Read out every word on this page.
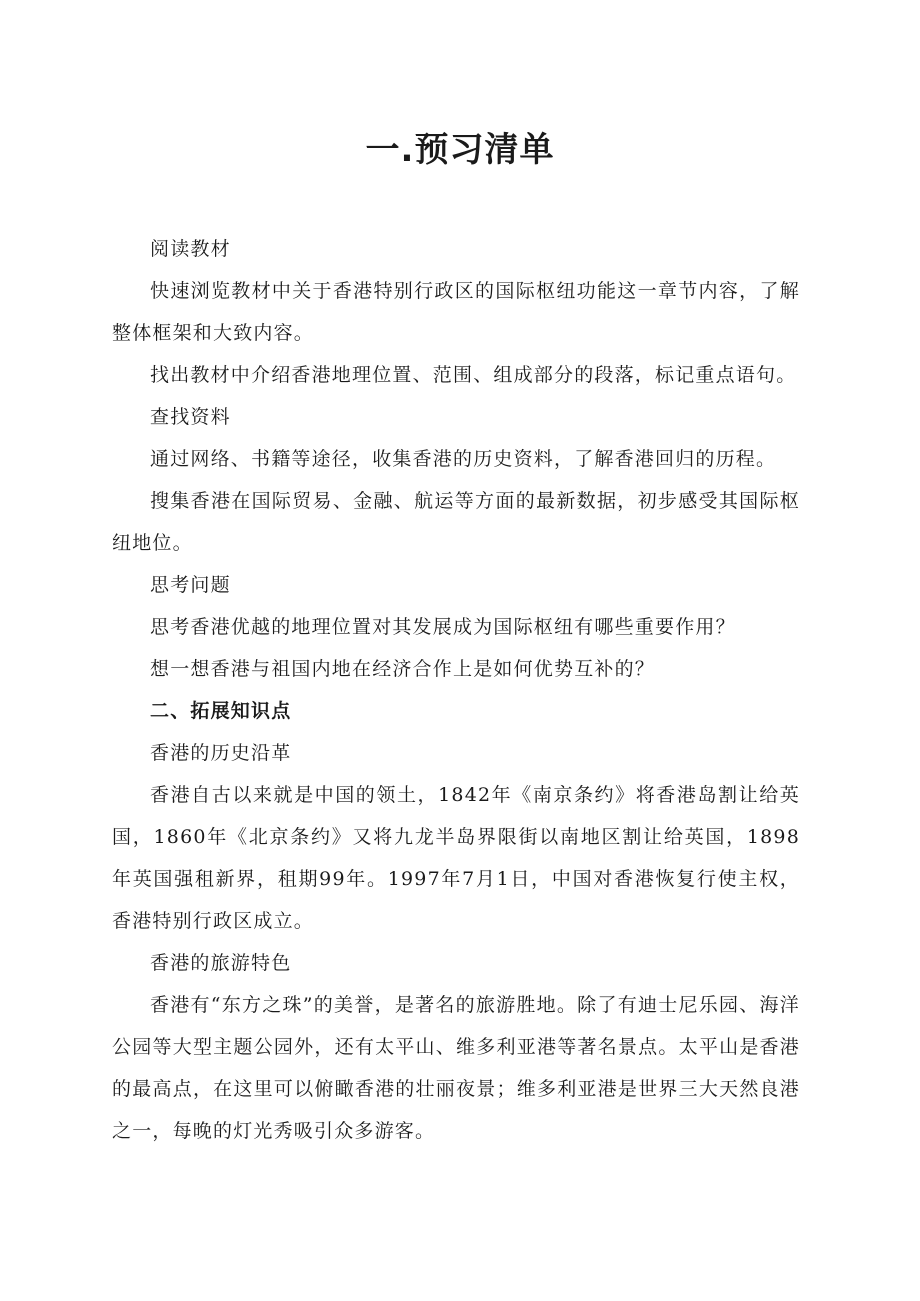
一.预习清单

阅读教材

快速浏览教材中关于香港特别行政区的国际枢纽功能这一章节内容，了解整体框架和大致内容。

找出教材中介绍香港地理位置、范围、组成部分的段落，标记重点语句。

查找资料

通过网络、书籍等途径，收集香港的历史资料，了解香港回归的历程。

搜集香港在国际贸易、金融、航运等方面的最新数据，初步感受其国际枢纽地位。

思考问题

思考香港优越的地理位置对其发展成为国际枢纽有哪些重要作用？

想一想香港与祖国内地在经济合作上是如何优势互补的？

二、拓展知识点

香港的历史沿革

香港自古以来就是中国的领土，1842年《南京条约》将香港岛割让给英国，1860年《北京条约》又将九龙半岛界限街以南地区割让给英国，1898年英国强租新界，租期99年。1997年7月1日，中国对香港恢复行使主权，香港特别行政区成立。

香港的旅游特色

香港有“东方之珠”的美誉，是著名的旅游胜地。除了有迪士尼乐园、海洋公园等大型主题公园外，还有太平山、维多利亚港等著名景点。太平山是香港的最高点，在这里可以俯瞰香港的壮丽夜景；维多利亚港是世界三大天然良港之一，每晚的灯光秀吸引众多游客。
